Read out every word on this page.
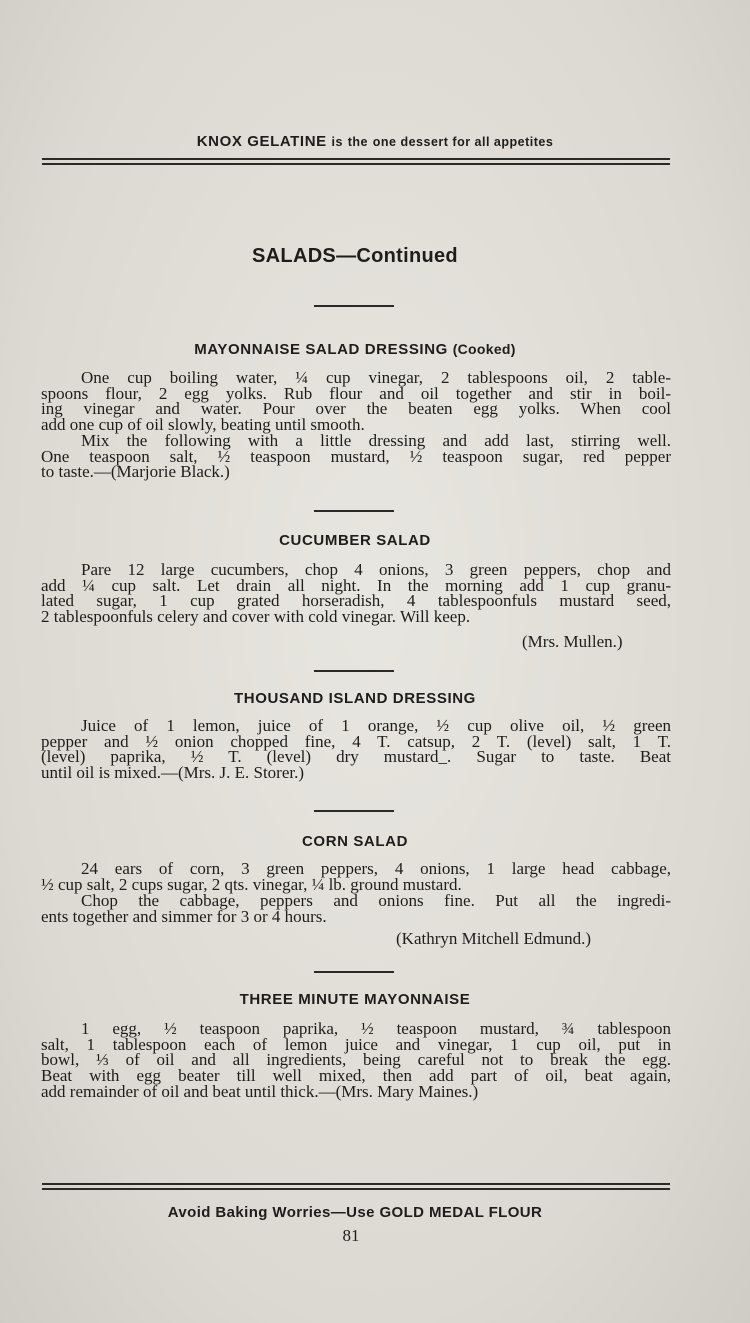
KNOX GELATINE is the one dessert for all appetites
SALADS—Continued
MAYONNAISE SALAD DRESSING (Cooked)
One cup boiling water, ¼ cup vinegar, 2 tablespoons oil, 2 table-
spoons flour, 2 egg yolks. Rub flour and oil together and stir in boil-
ing vinegar and water. Pour over the beaten egg yolks. When cool
add one cup of oil slowly, beating until smooth.
Mix the following with a little dressing and add last, stirring well.
One teaspoon salt, ½ teaspoon mustard, ½ teaspoon sugar, red pepper
to taste.—(Marjorie Black.)
CUCUMBER SALAD
Pare 12 large cucumbers, chop 4 onions, 3 green peppers, chop and
add ¼ cup salt. Let drain all night. In the morning add 1 cup granu-
lated sugar, 1 cup grated horseradish, 4 tablespoonfuls mustard seed,
2 tablespoonfuls celery and cover with cold vinegar. Will keep.
(Mrs. Mullen.)
THOUSAND ISLAND DRESSING
Juice of 1 lemon, juice of 1 orange, ½ cup olive oil, ½ green
pepper and ½ onion chopped fine, 4 T. catsup, 2 T. (level) salt, 1 T.
(level) paprika, ½ T. (level) dry mustard_. Sugar to taste. Beat
until oil is mixed.—(Mrs. J. E. Storer.)
CORN SALAD
24 ears of corn, 3 green peppers, 4 onions, 1 large head cabbage,
½ cup salt, 2 cups sugar, 2 qts. vinegar, ¼ lb. ground mustard.
Chop the cabbage, peppers and onions fine. Put all the ingredi-
ents together and simmer for 3 or 4 hours.
(Kathryn Mitchell Edmund.)
THREE MINUTE MAYONNAISE
1 egg, ½ teaspoon paprika, ½ teaspoon mustard, ¾ tablespoon
salt, 1 tablespoon each of lemon juice and vinegar, 1 cup oil, put in
bowl, ⅓ of oil and all ingredients, being careful not to break the egg.
Beat with egg beater till well mixed, then add part of oil, beat again,
add remainder of oil and beat until thick.—(Mrs. Mary Maines.)
Avoid Baking Worries—Use GOLD MEDAL FLOUR
81
